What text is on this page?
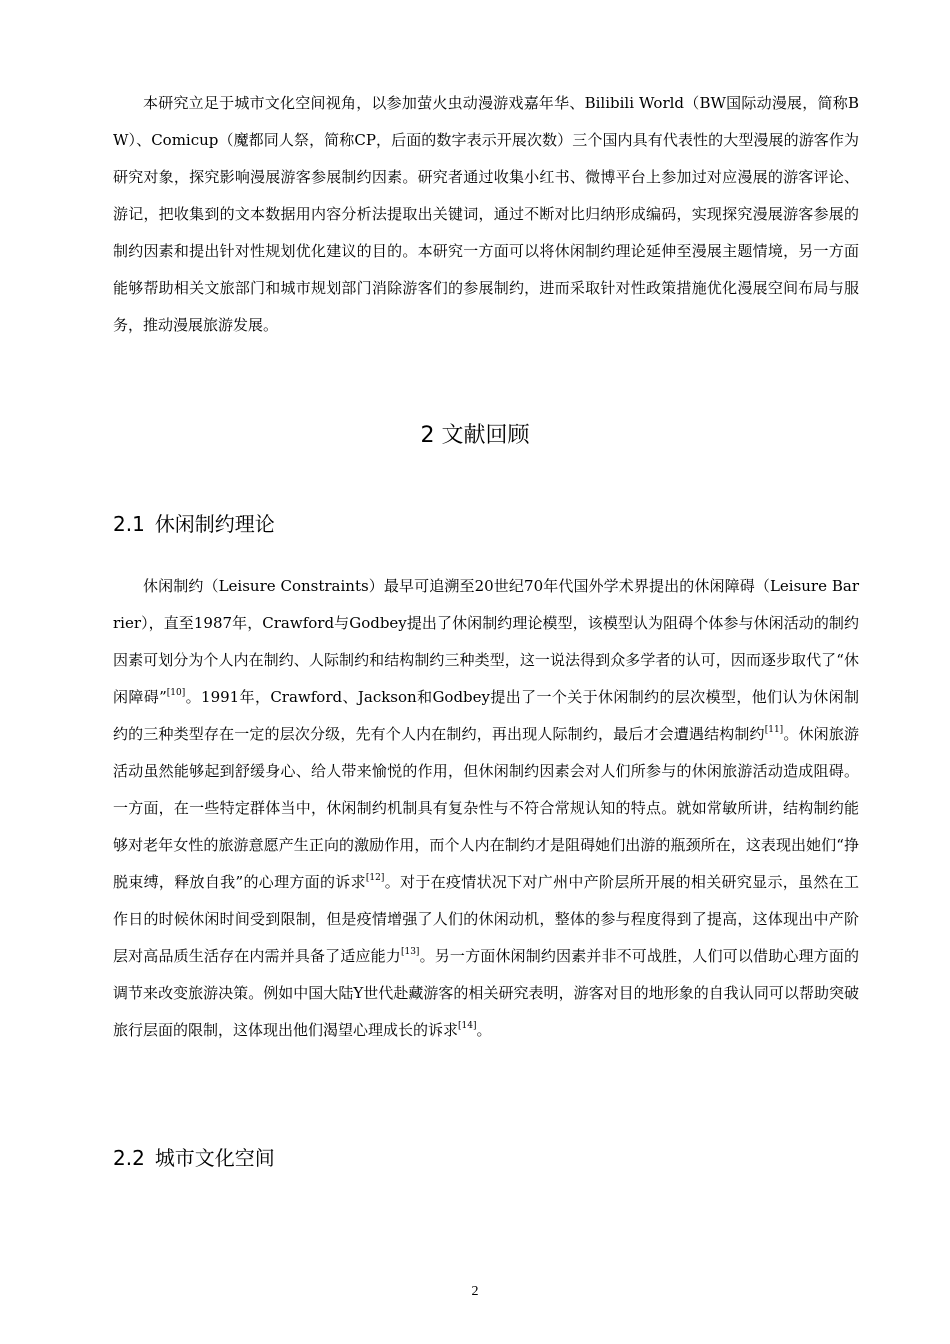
本研究立足于城市文化空间视角，以参加萤火虫动漫游戏嘉年华、Bilibili World（BW国际动漫展，简称BW）、Comicup（魔都同人祭，简称CP，后面的数字表示开展次数）三个国内具有代表性的大型漫展的游客作为研究对象，探究影响漫展游客参展制约因素。研究者通过收集小红书、微博平台上参加过对应漫展的游客评论、游记，把收集到的文本数据用内容分析法提取出关键词，通过不断对比归纳形成编码，实现探究漫展游客参展的制约因素和提出针对性规划优化建议的目的。本研究一方面可以将休闲制约理论延伸至漫展主题情境，另一方面能够帮助相关文旅部门和城市规划部门消除游客们的参展制约，进而采取针对性政策措施优化漫展空间布局与服务，推动漫展旅游发展。

2 文献回顾
2.1 休闲制约理论

休闲制约（Leisure Constraints）最早可追溯至20世纪70年代国外学术界提出的休闲障碍（Leisure Barrier），直至1987年，Crawford与Godbey提出了休闲制约理论模型，该模型认为阻碍个体参与休闲活动的制约因素可划分为个人内在制约、人际制约和结构制约三种类型，这一说法得到众多学者的认可，因而逐步取代了“休闲障碍”[10]。1991年，Crawford、Jackson和Godbey提出了一个关于休闲制约的层次模型，他们认为休闲制约的三种类型存在一定的层次分级，先有个人内在制约，再出现人际制约，最后才会遭遇结构制约[11]。休闲旅游活动虽然能够起到舒缓身心、给人带来愉悦的作用，但休闲制约因素会对人们所参与的休闲旅游活动造成阻碍。一方面，在一些特定群体当中，休闲制约机制具有复杂性与不符合常规认知的特点。就如常敏所讲，结构制约能够对老年女性的旅游意愿产生正向的激励作用，而个人内在制约才是阻碍她们出游的瓶颈所在，这表现出她们“挣脱束缚，释放自我”的心理方面的诉求[12]。对于在疫情状况下对广州中产阶层所开展的相关研究显示，虽然在工作日的时候休闲时间受到限制，但是疫情增强了人们的休闲动机，整体的参与程度得到了提高，这体现出中产阶层对高品质生活存在内需并具备了适应能力[13]。另一方面休闲制约因素并非不可战胜，人们可以借助心理方面的调节来改变旅游决策。例如中国大陆Y世代赴藏游客的相关研究表明，游客对目的地形象的自我认同可以帮助突破旅行层面的限制，这体现出他们渴望心理成长的诉求[14]。

2.2 城市文化空间
2
